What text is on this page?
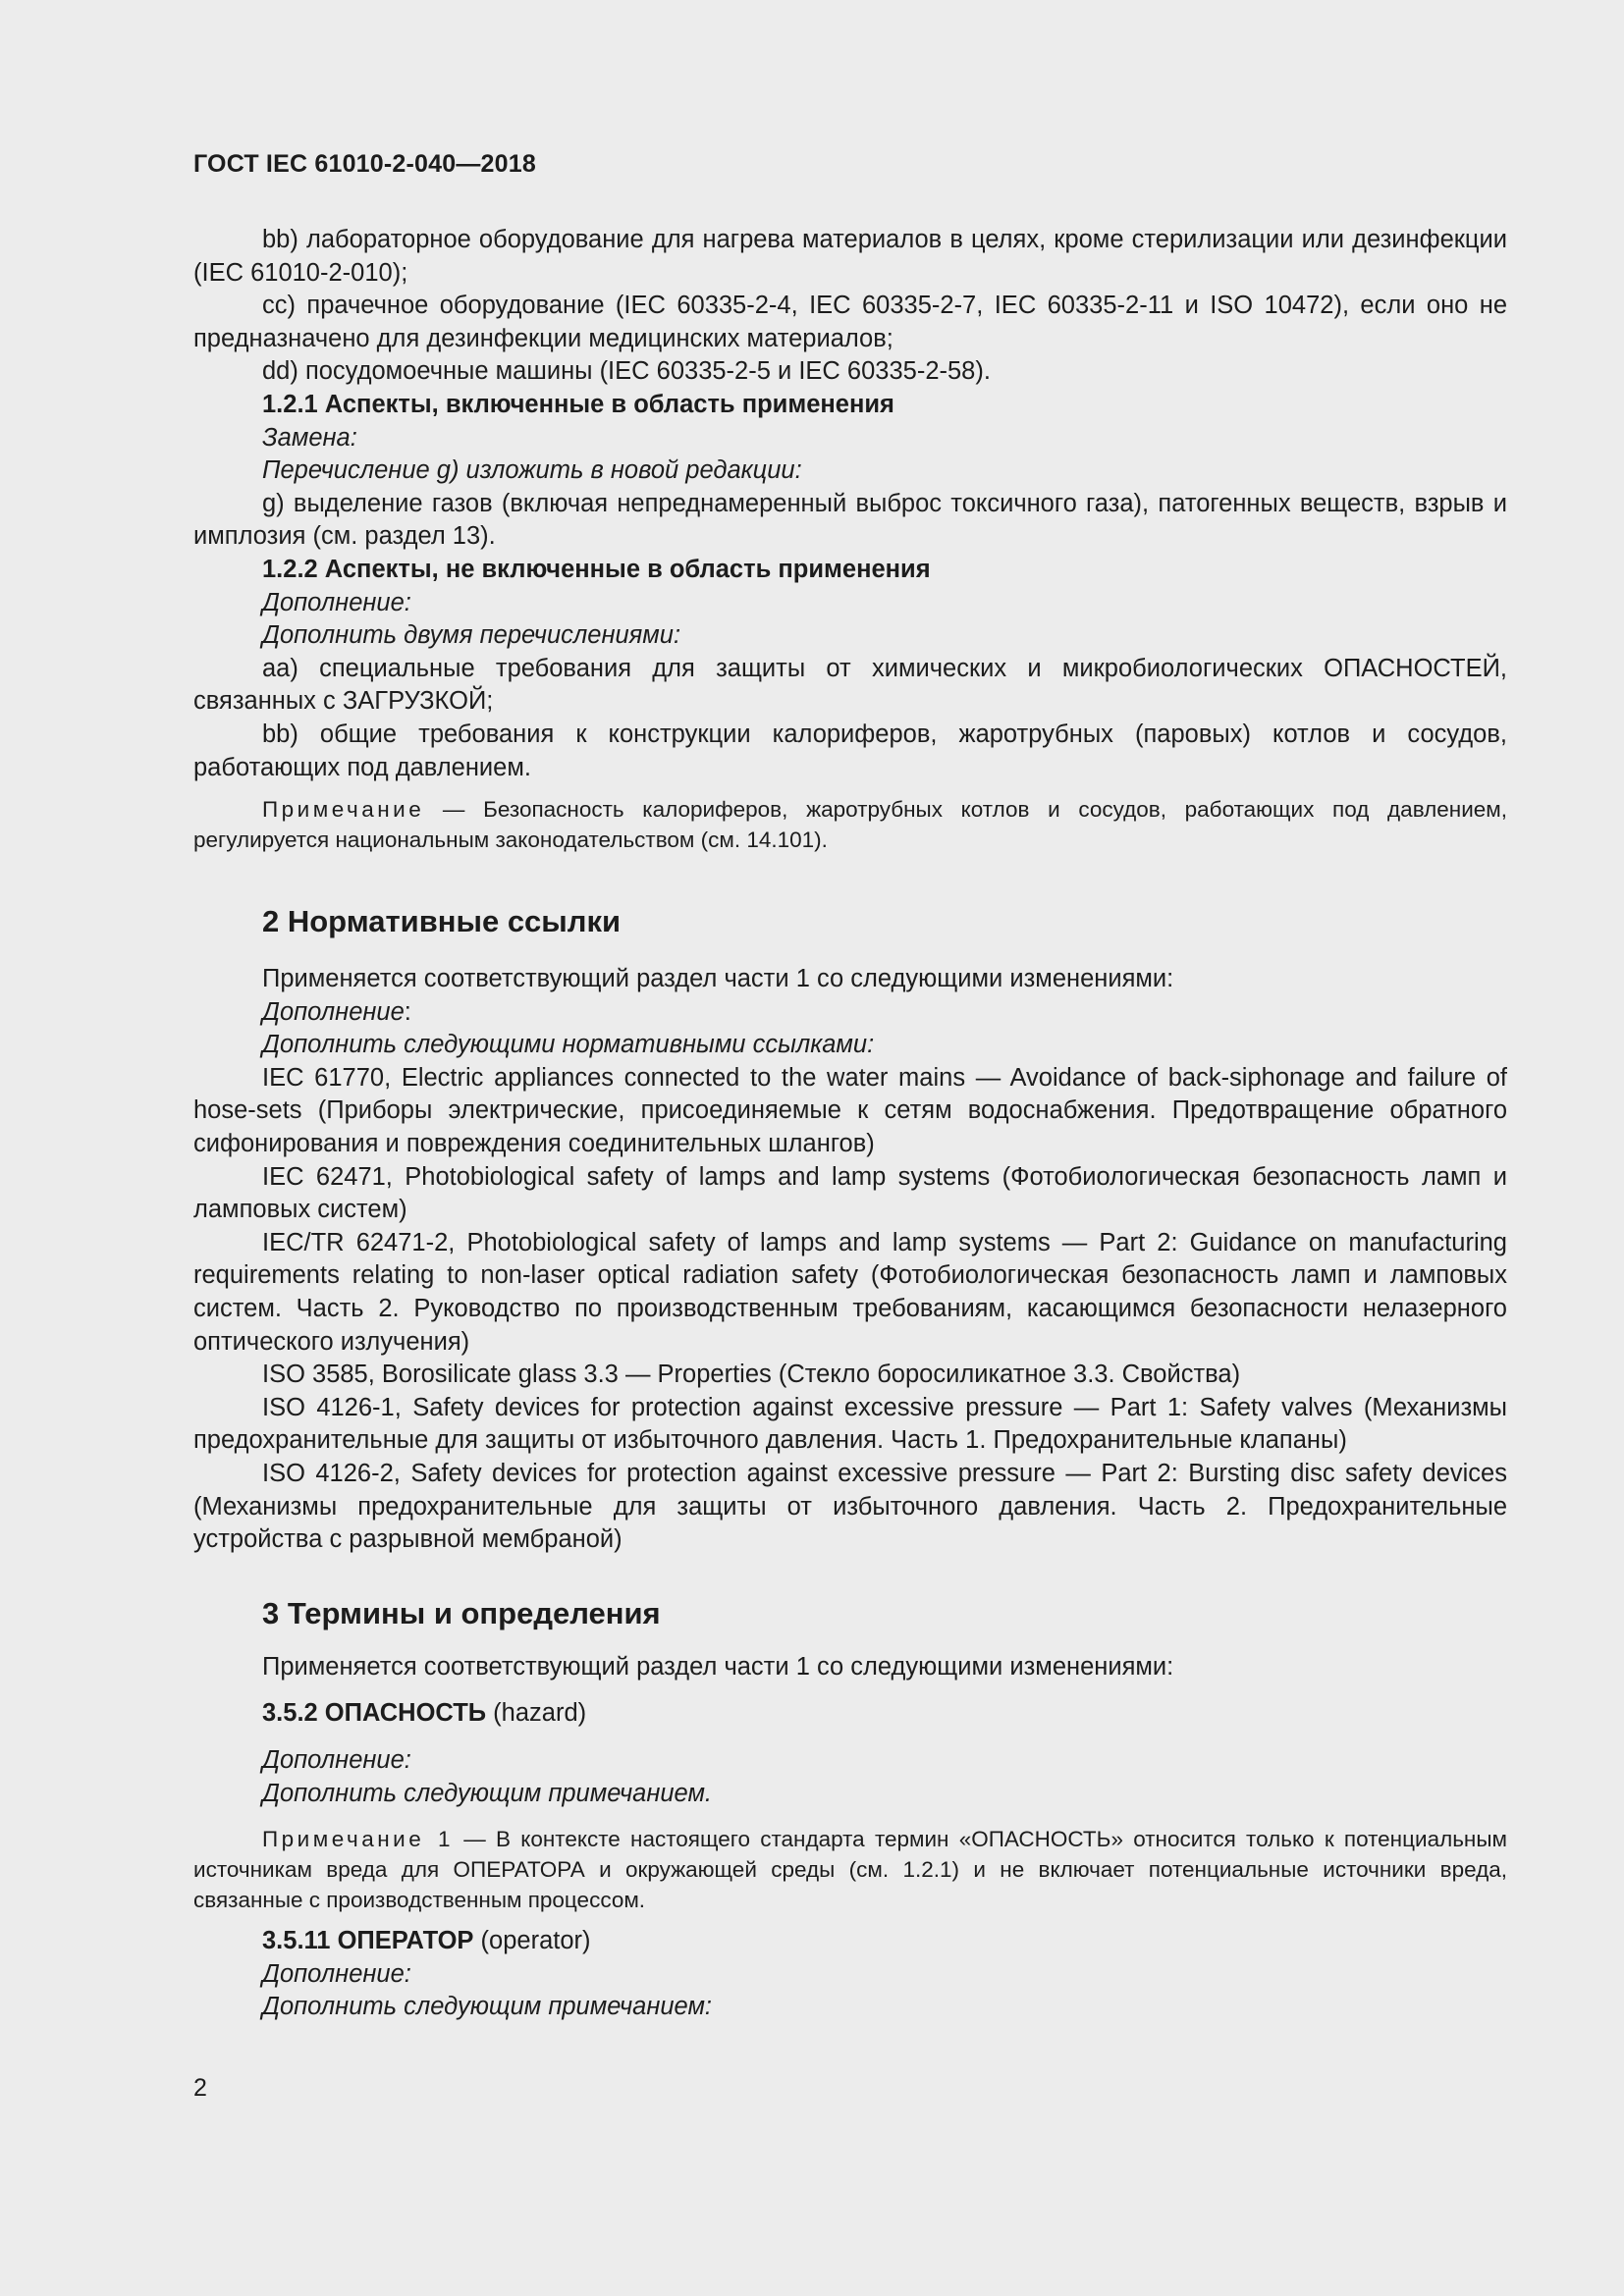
ГОСТ IEC 61010-2-040—2018

bb) лабораторное оборудование для нагрева материалов в целях, кроме стерилизации или дезинфекции (IEC 61010-2-010);

cc) прачечное оборудование (IEC 60335-2-4, IEC 60335-2-7, IEC 60335-2-11 и ISO 10472), если оно не предназначено для дезинфекции медицинских материалов;

dd) посудомоечные машины (IEC 60335-2-5 и IEC 60335-2-58).

1.2.1 Аспекты, включенные в область применения

Замена:

Перечисление g) изложить в новой редакции:

g) выделение газов (включая непреднамеренный выброс токсичного газа), патогенных веществ, взрыв и имплозия (см. раздел 13).

1.2.2 Аспекты, не включенные в область применения

Дополнение:

Дополнить двумя перечислениями:

aa) специальные требования для защиты от химических и микробиологических ОПАСНОСТЕЙ, связанных с ЗАГРУЗКОЙ;

bb) общие требования к конструкции калориферов, жаротрубных (паровых) котлов и сосудов, работающих под давлением.

Примечание — Безопасность калориферов, жаротрубных котлов и сосудов, работающих под давлением, регулируется национальным законодательством (см. 14.101).

2 Нормативные ссылки

Применяется соответствующий раздел части 1 со следующими изменениями:

Дополнение:

Дополнить следующими нормативными ссылками:

IEC 61770, Electric appliances connected to the water mains — Avoidance of back-siphonage and failure of hose-sets (Приборы электрические, присоединяемые к сетям водоснабжения. Предотвращение обратного сифонирования и повреждения соединительных шлангов)

IEC 62471, Photobiological safety of lamps and lamp systems (Фотобиологическая безопасность ламп и ламповых систем)

IEC/TR 62471-2, Photobiological safety of lamps and lamp systems — Part 2: Guidance on manufacturing requirements relating to non-laser optical radiation safety (Фотобиологическая безопасность ламп и ламповых систем. Часть 2. Руководство по производственным требованиям, касающимся безопасности нелазерного оптического излучения)

ISO 3585, Borosilicate glass 3.3 — Properties (Стекло боросиликатное 3.3. Свойства)

ISO 4126-1, Safety devices for protection against excessive pressure — Part 1: Safety valves (Механизмы предохранительные для защиты от избыточного давления. Часть 1. Предохранительные клапаны)

ISO 4126-2, Safety devices for protection against excessive pressure — Part 2: Bursting disc safety devices (Механизмы предохранительные для защиты от избыточного давления. Часть 2. Предохранительные устройства с разрывной мембраной)

3 Термины и определения

Применяется соответствующий раздел части 1 со следующими изменениями:

3.5.2 ОПАСНОСТЬ (hazard)

Дополнение:

Дополнить следующим примечанием.

Примечание 1 — В контексте настоящего стандарта термин «ОПАСНОСТЬ» относится только к потенциальным источникам вреда для ОПЕРАТОРА и окружающей среды (см. 1.2.1) и не включает потенциальные источники вреда, связанные с производственным процессом.

3.5.11 ОПЕРАТОР (operator)

Дополнение:

Дополнить следующим примечанием:

2
